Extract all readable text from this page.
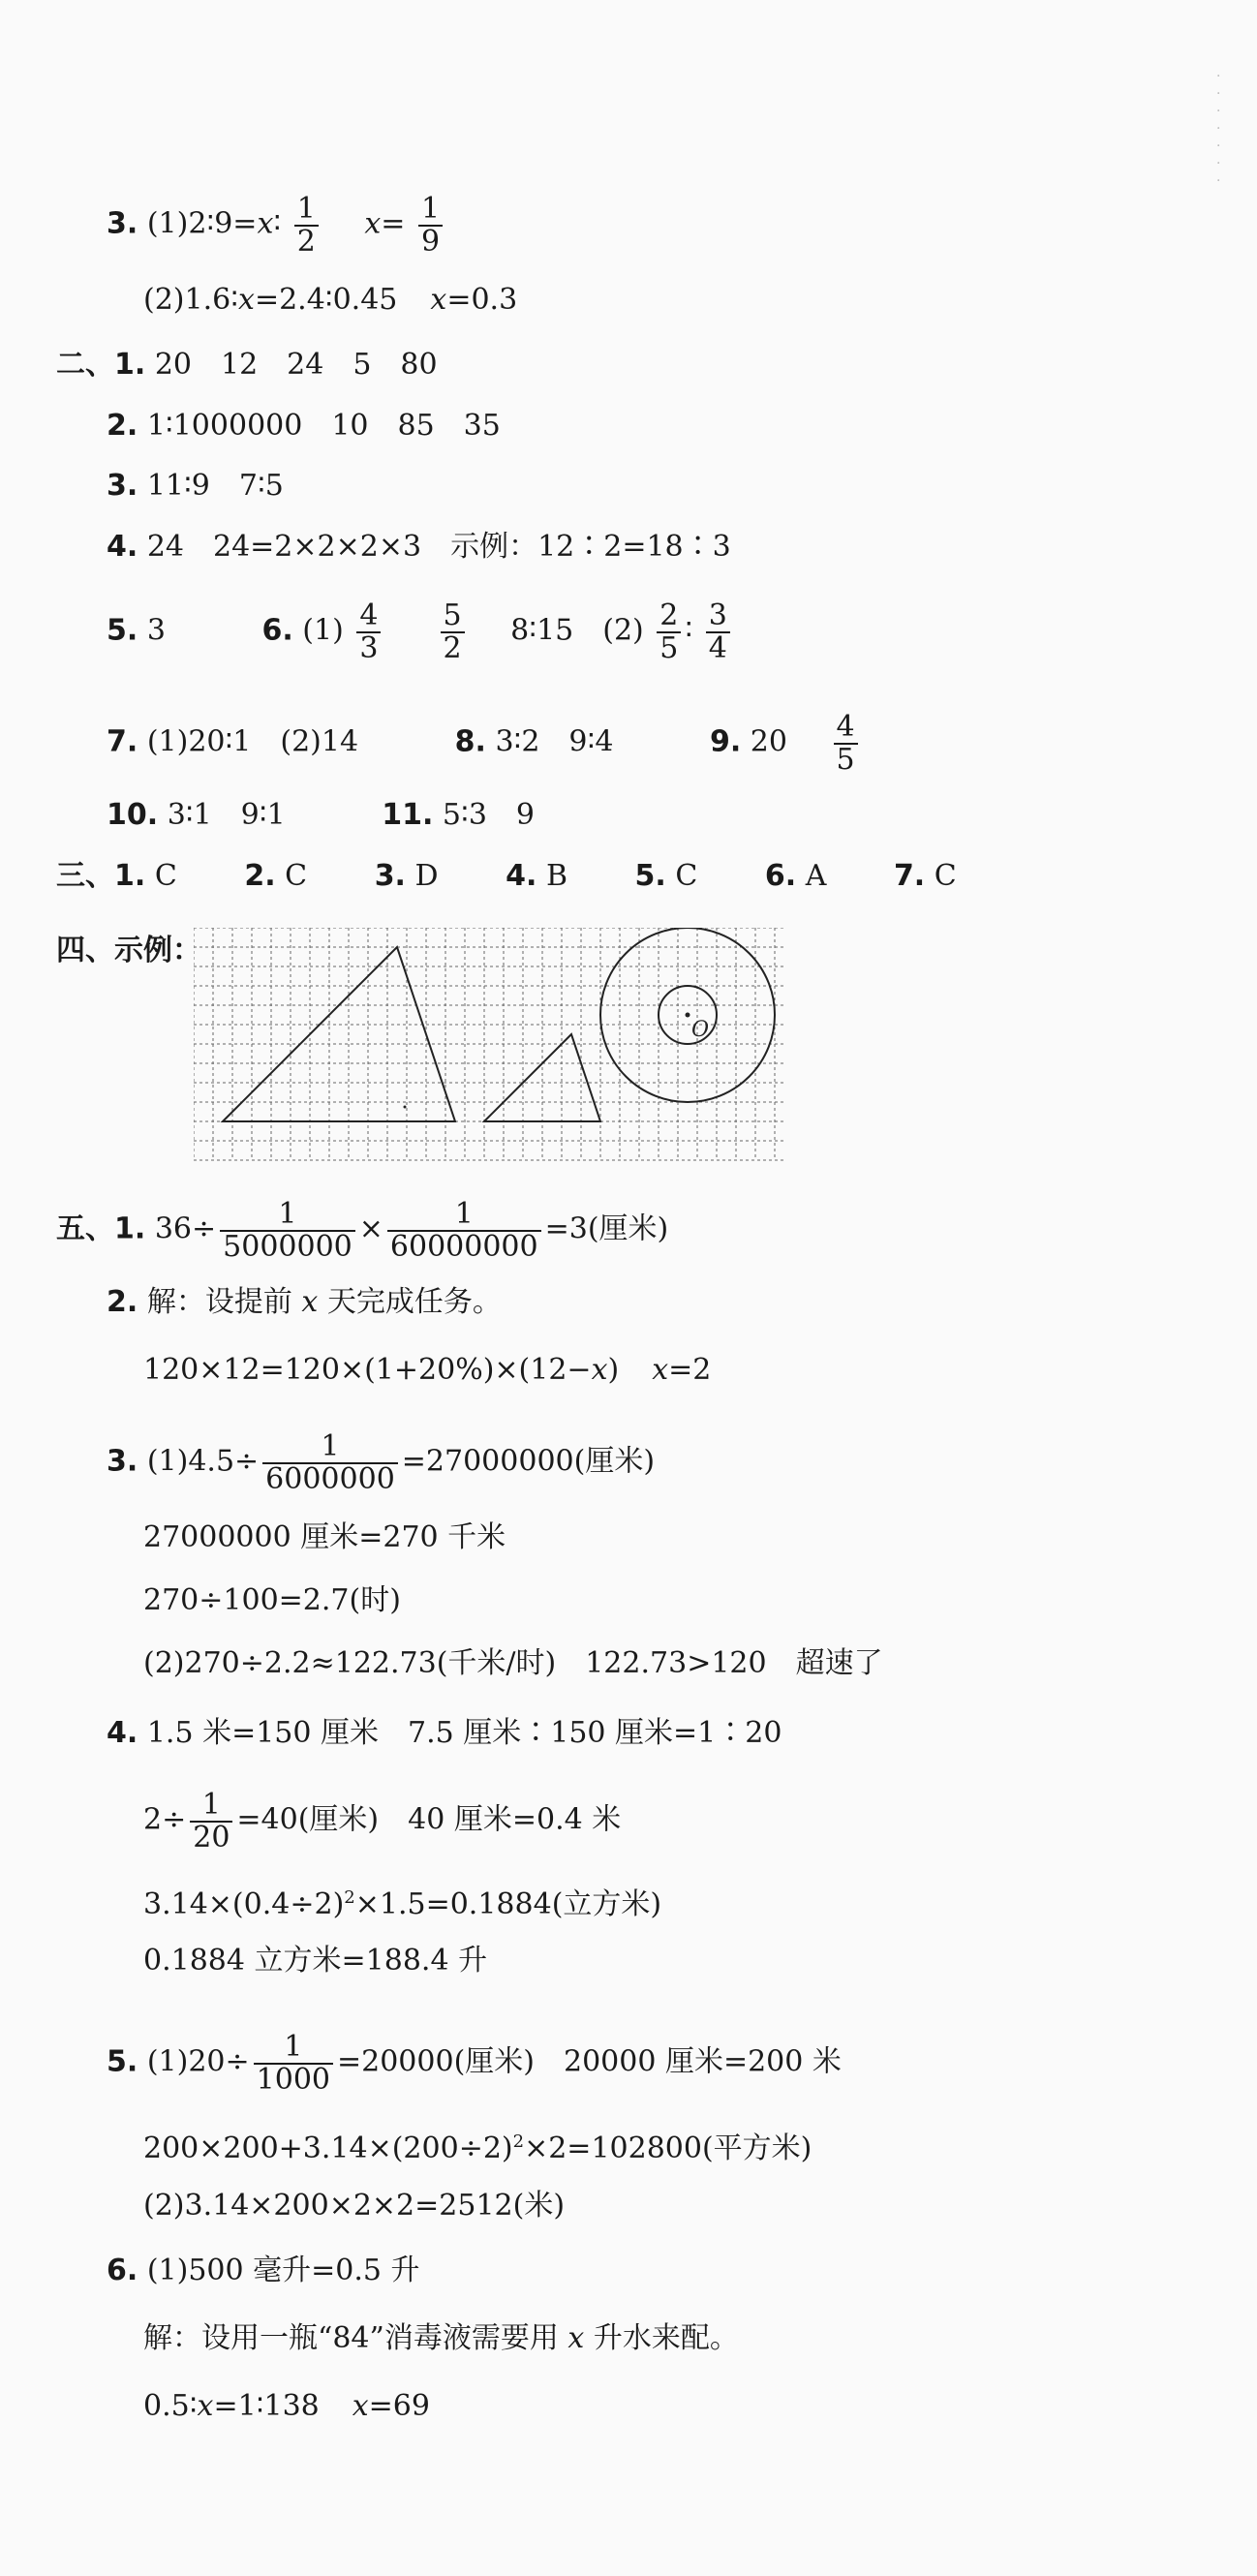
·
·
·
·
·
·
·
3. (1)2∶9=x∶ $\frac{1}{2} x= \frac{1}{9}$
(2)1.6∶x=2.4∶0.45 x=0.3
二、1. 20　12　24　5　80
2. 1∶1000000　10　85　35
3. 11∶9　7∶5
4. 24　24=2×2×2×3　示例：12∶2=18∶3
5. 3	6. $(1) \frac{4}{3}$
$\frac{5}{2}$ 8∶15　$(2) \frac{2}{5}$ ∶ $\frac{3}{4}$
7. (1)20∶1　(2)14	8. 3∶2　9∶4	9. $20 \frac{4}{5}$
10. 3∶1　9∶1	11. 5∶3　9
三、1. C 2. C 3. D 4. B 5. C 6. A 7. C
四、示例：
O
五、1. $36\div \frac{1}{5000000} \times \frac{1}{60000000} =3$(厘米)
2. 解：设提前 x 天完成任务。
120×12=120×(1+20%)×(12−x) x=2
3. $(1)4.5\div \frac{1}{6000000} =27000000$(厘米)
27000000 厘米=270 千米
270÷100=2.7(时)
(2)270÷2.2≈122.73(千米/时)　122.73>120　超速了
4. 1.5 米=150 厘米　7.5 厘米∶150 厘米=1∶20
$2\div \frac{1}{20} =40$(厘米)　40 厘米=0.4 米
$3.14\times(0.4\div 2)^2\times 1.5=0.1884$(立方米)
0.1884 立方米=188.4 升
5. $(1)20\div \frac{1}{1000} =20000$(厘米)　20000 厘米=200 米
$200\times 200+3.14\times(200\div 2)^2\times 2=102800$(平方米)
(2)3.14×200×2×2=2512(米)
6. (1)500 毫升=0.5 升
解：设用一瓶“84”消毒液需要用 x 升水来配。
0.5∶x=1∶138 x=69
